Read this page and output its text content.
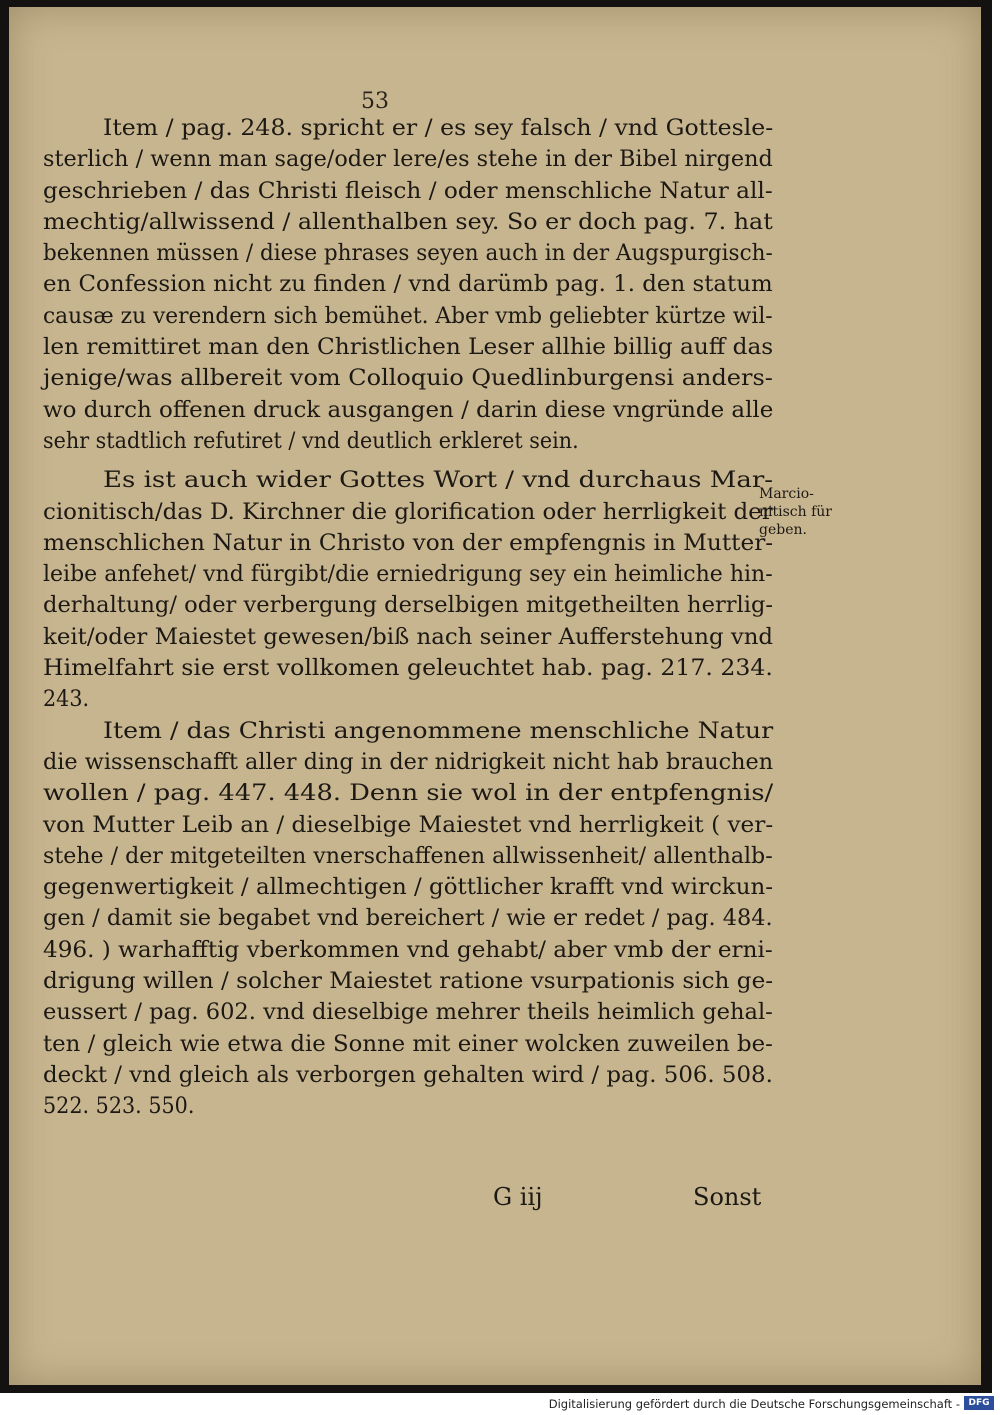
53
Item / pag. 248. spricht er / es sey falsch / vnd Gottesle-
sterlich / wenn man sage/oder lere/es stehe in der Bibel nirgend
geschrieben / das Christi fleisch / oder menschliche Natur all-
mechtig/allwissend / allenthalben sey. So er doch pag. 7. hat
bekennen müssen / diese phrases seyen auch in der Augspurgisch-
en Confession nicht zu finden / vnd darümb pag. 1. den statum
causæ zu verendern sich bemühet. Aber vmb geliebter kürtze wil-
len remittiret man den Christlichen Leser allhie billig auff das
jenige/was allbereit vom Colloquio Quedlinburgensi anders-
wo durch offenen druck ausgangen / darin diese vngründe alle
sehr stadtlich refutiret / vnd deutlich erkleret sein.
Es ist auch wider Gottes Wort / vnd durchaus Mar-
cionitisch/das D. Kirchner die glorification oder herrligkeit der
menschlichen Natur in Christo von der empfengnis in Mutter-
leibe anfehet/ vnd fürgibt/die erniedrigung sey ein heimliche hin-
derhaltung/ oder verbergung derselbigen mitgetheilten herrlig-
keit/oder Maiestet gewesen/biß nach seiner Aufferstehung vnd
Himelfahrt sie erst vollkomen geleuchtet hab. pag. 217. 234.
243.
Item / das Christi angenommene menschliche Natur
die wissenschafft aller ding in der nidrigkeit nicht hab brauchen
wollen / pag. 447. 448. Denn sie wol in der entpfengnis/
von Mutter Leib an / dieselbige Maiestet vnd herrligkeit ( ver-
stehe / der mitgeteilten vnerschaffenen allwissenheit/ allenthalb-
gegenwertigkeit / allmechtigen / göttlicher krafft vnd wirckun-
gen / damit sie begabet vnd bereichert / wie er redet / pag. 484.
496. ) warhafftig vberkommen vnd gehabt/ aber vmb der erni-
drigung willen / solcher Maiestet ratione vsurpationis sich ge-
eussert / pag. 602. vnd dieselbige mehrer theils heimlich gehal-
ten / gleich wie etwa die Sonne mit einer wolcken zuweilen be-
deckt / vnd gleich als verborgen gehalten wird / pag. 506. 508.
522. 523. 550.
Marcio-
nitisch für
geben.
G iij	Sonst
Digitalisierung gefördert durch die Deutsche Forschungsgemeinschaft - DFG
